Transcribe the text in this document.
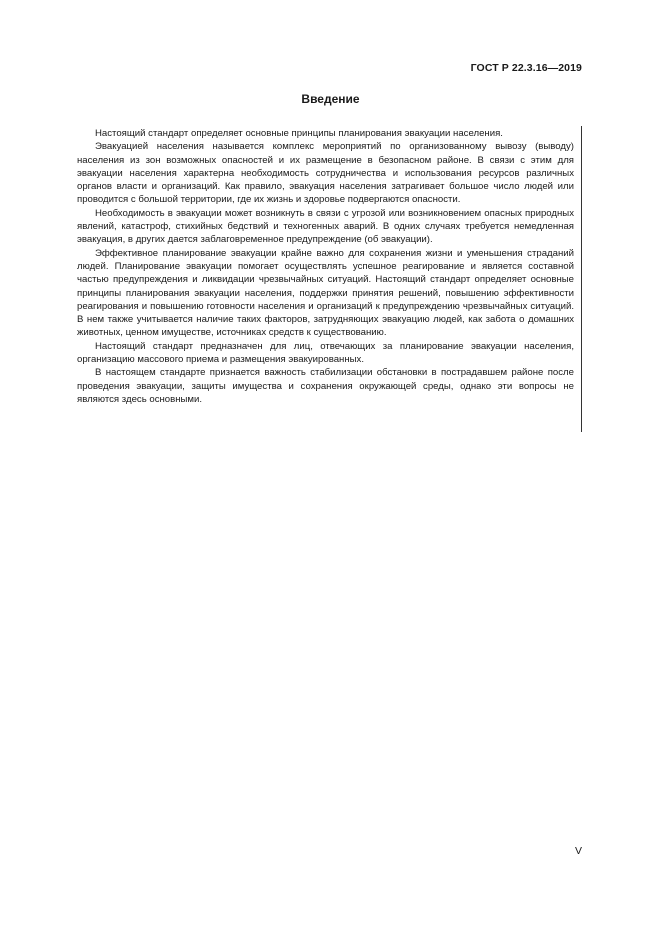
ГОСТ Р 22.3.16—2019
Введение

Настоящий стандарт определяет основные принципы планирования эвакуации населения.

Эвакуацией населения называется комплекс мероприятий по организованному вывозу (выводу) населения из зон возможных опасностей и их размещение в безопасном районе. В связи с этим для эвакуации населения характерна необходимость сотрудничества и использования ресурсов различных органов власти и организаций. Как правило, эвакуация населения затрагивает большое число людей или проводится с большой территории, где их жизнь и здоровье подвергаются опасности.

Необходимость в эвакуации может возникнуть в связи с угрозой или возникновением опасных природных явлений, катастроф, стихийных бедствий и техногенных аварий. В одних случаях требуется немедленная эвакуация, в других дается заблаговременное предупреждение (об эвакуации).

Эффективное планирование эвакуации крайне важно для сохранения жизни и уменьшения страданий людей. Планирование эвакуации помогает осуществлять успешное реагирование и является составной частью предупреждения и ликвидации чрезвычайных ситуаций. Настоящий стандарт определяет основные принципы планирования эвакуации населения, поддержки принятия решений, повышению эффективности реагирования и повышению готовности населения и организаций к предупреждению чрезвычайных ситуаций. В нем также учитывается наличие таких факторов, затрудняющих эвакуацию людей, как забота о домашних животных, ценном имуществе, источниках средств к существованию.

Настоящий стандарт предназначен для лиц, отвечающих за планирование эвакуации населения, организацию массового приема и размещения эвакуированных.

В настоящем стандарте признается важность стабилизации обстановки в пострадавшем районе после проведения эвакуации, защиты имущества и сохранения окружающей среды, однако эти вопросы не являются здесь основными.

V
